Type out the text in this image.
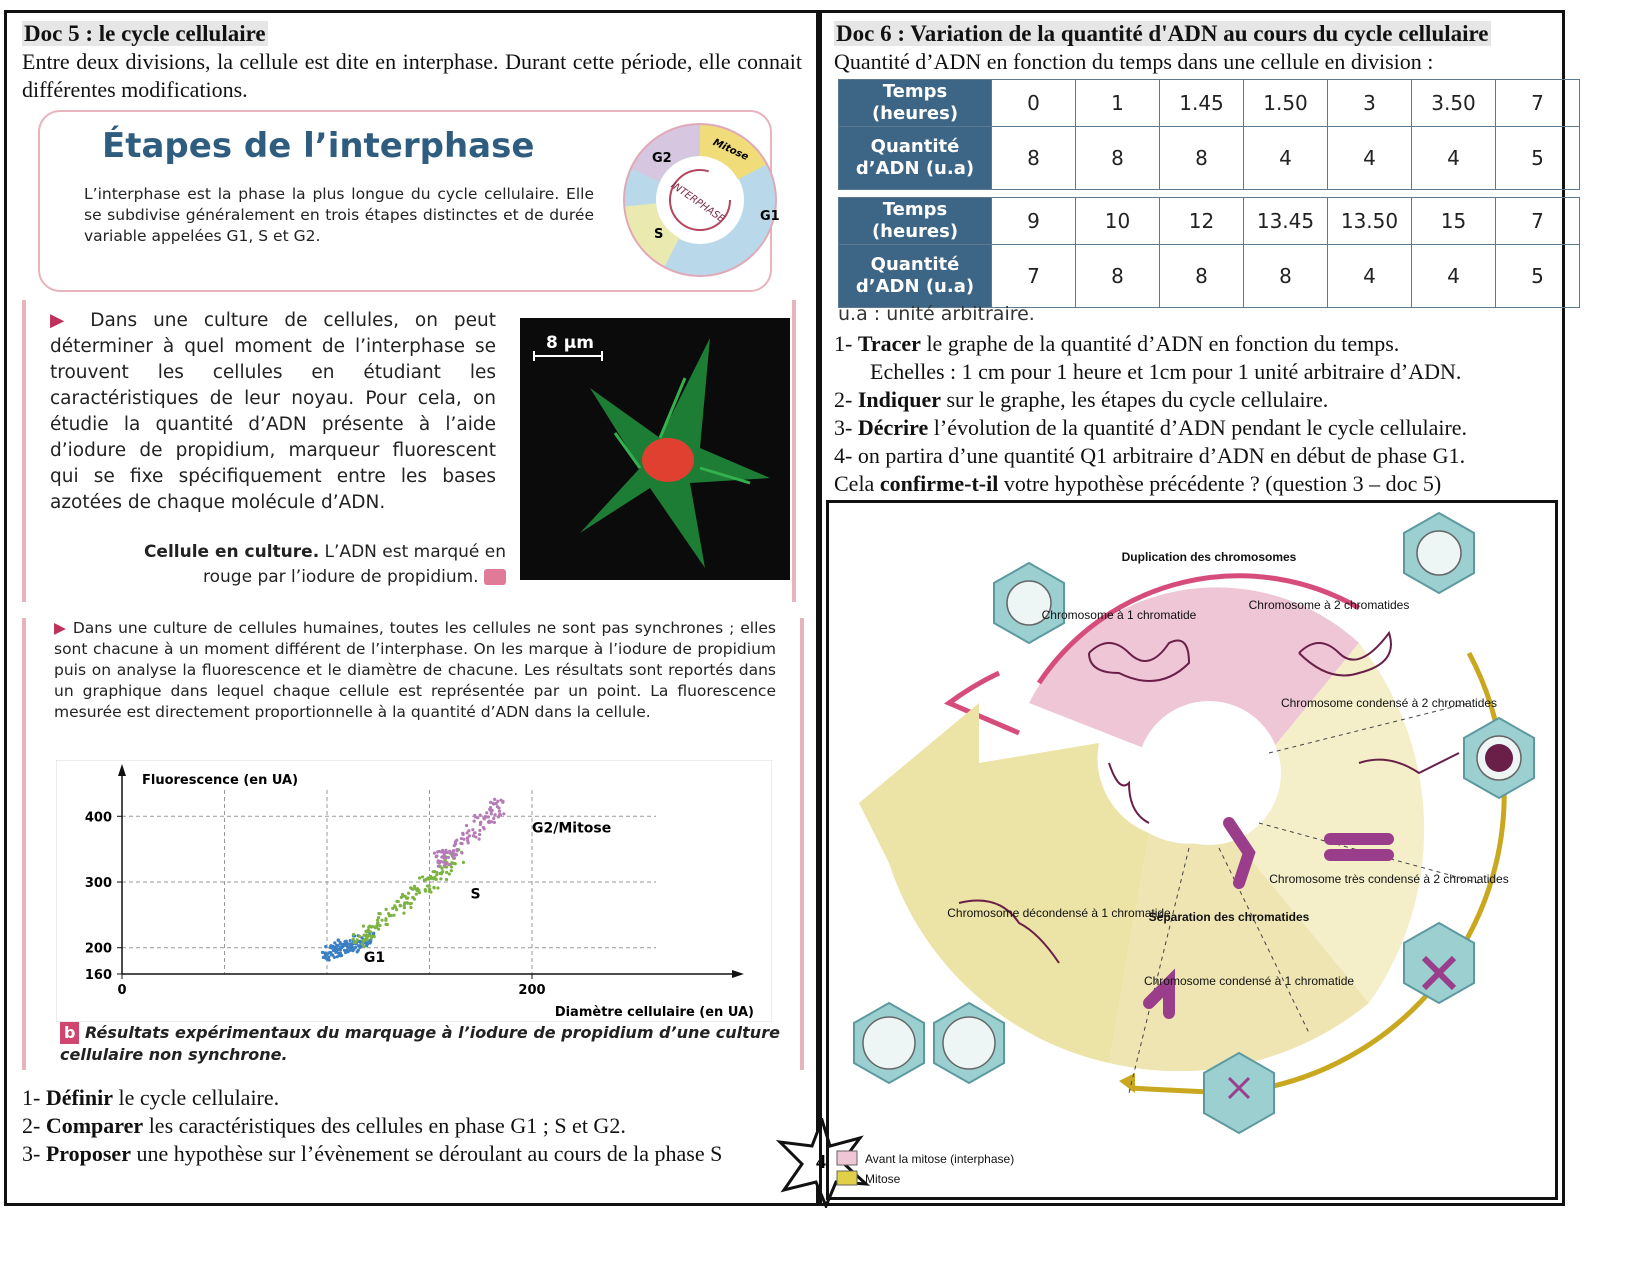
Doc 5 : le cycle cellulaire
Entre deux divisions, la cellule est dite en interphase. Durant cette période, elle connait différentes modifications.
Étapes de l’interphase
L’interphase est la phase la plus longue du cycle cellulaire. Elle se subdivise généralement en trois étapes distinctes et de durée variable appelées G1, S et G2.
G2	Mitose
G1
S
INTERPHASE
▶ Dans une culture de cellules, on peut déterminer à quel moment de l’interphase se trouvent les cellules en étudiant les caractéristiques de leur noyau. Pour cela, on étudie la quantité d’ADN présente à l’aide d’iodure de propidium, marqueur fluorescent qui se fixe spécifiquement entre les bases azotées de chaque molécule d’ADN.
Cellule en culture. L’ADN est marqué en rouge par l’iodure de propidium.
8 µm
▶ Dans une culture de cellules humaines, toutes les cellules ne sont pas synchrones ; elles sont chacune à un moment différent de l’interphase. On les marque à l’iodure de propidium puis on analyse la fluorescence et le diamètre de chacune. Les résultats sont reportés dans un graphique dans lequel chaque cellule est représentée par un point. La fluorescence mesurée est directement proportionnelle à la quantité d’ADN dans la cellule.
160
200
300
400
0	200
Fluorescence (en UA)
Diamètre cellulaire (en UA)
G1
S
G2/Mitose
b Résultats expérimentaux du marquage à l’iodure de propidium d’une culture cellulaire non synchrone.
1- Définir le cycle cellulaire.
2- Comparer les caractéristiques des cellules en phase G1 ; S et G2.
3- Proposer une hypothèse sur l’évènement se déroulant au cours de la phase S	4
Doc 6 : Variation de la quantité d'ADN au cours du cycle cellulaire
Quantité d’ADN en fonction du temps dans une cellule en division :
Temps (heures)	0	1	1.45	1.50	3	3.50	7
Quantité d’ADN (u.a)	8	8	8	4	4	4	5
Temps (heures)	9	10	12	13.45	13.50	15	7
Quantité d’ADN (u.a)	7	8	8	8	4	4	5
u.a : unité arbitraire.
1- Tracer le graphe de la quantité d’ADN en fonction du temps.
Echelles : 1 cm pour 1 heure et 1cm pour 1 unité arbitraire d’ADN.
2- Indiquer sur le graphe, les étapes du cycle cellulaire.
3- Décrire l’évolution de la quantité d’ADN pendant le cycle cellulaire.
4- on partira d’une quantité Q1 arbitraire d’ADN en début de phase G1.
Cela confirme-t-il votre hypothèse précédente ? (question 3 – doc 5)
Duplication des chromosomes
Chromosome à 1 chromatide
Chromosome à 2 chromatides
Chromosome condensé à 2 chromatides
Chromosome très condensé à 2 chromatides
Séparation des chromatides
Chromosome condensé à 1 chromatide
Chromosome décondensé à 1 chromatide
Avant la mitose (interphase)
Mitose
